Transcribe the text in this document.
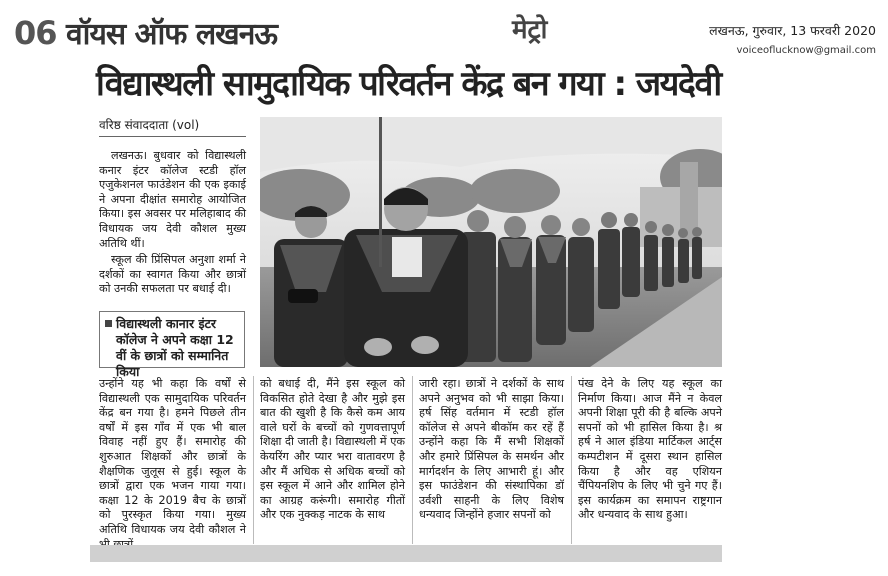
06 वॉयस ऑफ लखनऊ	मेट्रो	लखनऊ, गुरुवार, 13 फरवरी 2020
voiceoflucknow@gmail.com
विद्यास्थली सामुदायिक परिवर्तन केंद्र बन गया : जयदेवी
वरिष्ठ संवाददाता (vol)

लखनऊ। बुधवार को विद्यास्थली कनार इंटर कॉलेज स्टडी हॉल एजुकेशनल फाउंडेशन की एक इकाई ने अपना दीक्षांत समारोह आयोजित किया। इस अवसर पर मलिहाबाद की विधायक जय देवी कौशल मुख्य अतिथि थीं।

स्कूल की प्रिंसिपल अनुशा शर्मा ने दर्शकों का स्वागत किया और छात्रों को उनकी सफलता पर बधाई दी।

विद्यास्थली कानार इंटर कॉलेज ने अपने कक्षा 12 वीं के छात्रों को सम्मानित किया

उन्होंने यह भी कहा कि वर्षों से विद्यास्थली एक सामुदायिक परिवर्तन केंद्र बन गया है। हमने पिछले तीन वर्षों में इस गाँव में एक भी बाल विवाह नहीं हुए हैं। समारोह की शुरुआत शिक्षकों और छात्रों के शैक्षणिक जुलूस से हुई। स्कूल के छात्रों द्वारा एक भजन गाया गया। कक्षा 12 के 2019 बैच के छात्रों को पुरस्कृत किया गया। मुख्य अतिथि विधायक जय देवी कौशल ने

को बधाई दी, मैंने इस स्कूल को विकसित होते देखा है और मुझे इस बात की खुशी है कि कैसे कम आय वाले घरों के बच्चों को गुणवत्तापूर्ण शिक्षा दी जाती है। विद्यास्थली में एक केयरिंग और प्यार भरा वातावरण है और मैं अधिक से अधिक बच्चों को इस स्कूल में आने और शामिल होने का आग्रह करूंगी। समारोह गीतों और एक नुक्कड़ नाटक के साथ

जारी रहा। छात्रों ने दर्शकों के साथ अपने अनुभव को भी साझा किया। हर्ष सिंह वर्तमान में स्टडी हॉल कॉलेज से अपने बीकॉम कर रहें हैं उन्होंने कहा कि मैं सभी शिक्षकों और हमारे प्रिंसिपल के समर्थन और मार्गदर्शन के लिए आभारी हूं। और इस फाउंडेशन की संस्थापिका डॉ उर्वशी साहनी के लिए विशेष धन्यवाद जिन्होंने हजार सपनों को

पंख देने के लिए यह स्कूल का निर्माण किया। आज मैंने न केवल अपनी शिक्षा पूरी की है बल्कि अपने सपनों को भी हासिल किया है। श्र हर्ष ने आल इंडिया मार्टिकल आर्ट्स कम्पटीशन में दूसरा स्थान हासिल किया है और वह एशियन चैंपियनशिप के लिए भी चुने गए हैं। इस कार्यक्रम का समापन राष्ट्रगान और धन्यवाद के साथ हुआ।
